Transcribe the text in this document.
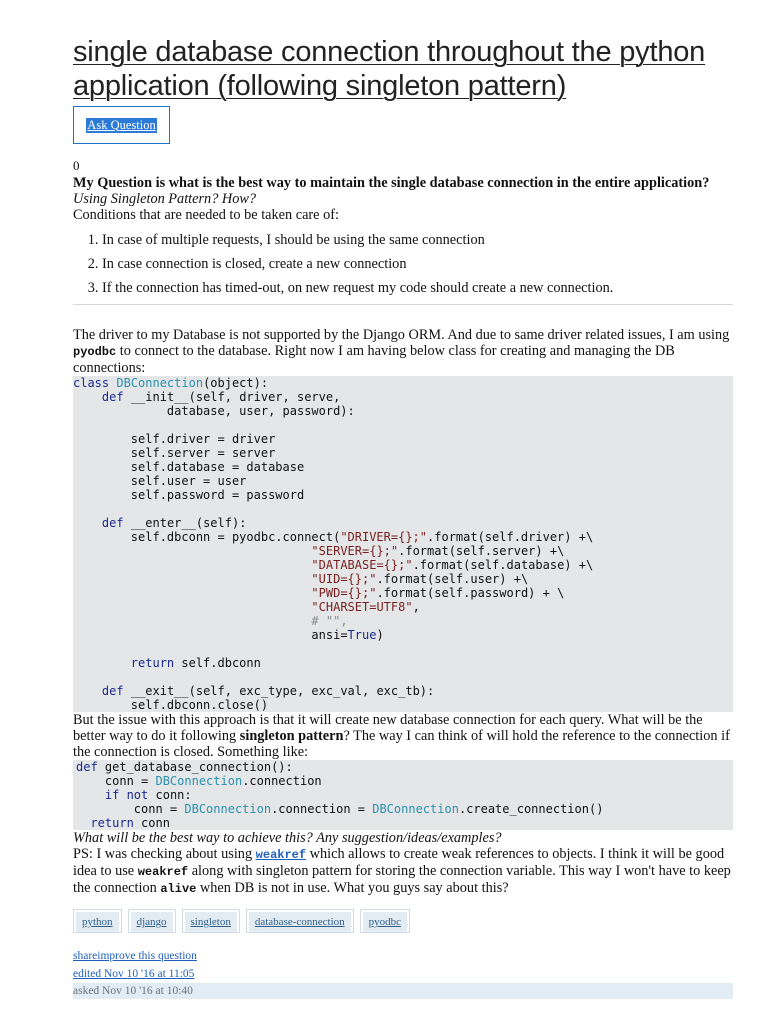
single database connection throughout the python application (following singleton pattern)
Ask Question
0

My Question is what is the best way to maintain the single database connection in the entire application? Using Singleton Pattern? How?

Conditions that are needed to be taken care of:

1. In case of multiple requests, I should be using the same connection
2. In case connection is closed, create a new connection
3. If the connection has timed-out, on new request my code should create a new connection.

The driver to my Database is not supported by the Django ORM. And due to same driver related issues, I am using pyodbc to connect to the database. Right now I am having below class for creating and managing the DB connections:

class DBConnection(object):
def __init__(self, driver, serve,
database, user, password):

self.driver = driver
self.server = server
self.database = database
self.user = user
self.password = password

def __enter__(self):
self.dbconn = pyodbc.connect("DRIVER={};".format(self.driver) +\
"SERVER={};".format(self.server) +\
"DATABASE={};".format(self.database) +\
"UID={};".format(self.user) +\
"PWD={};".format(self.password) + \
"CHARSET=UTF8",
# "",
ansi=True)

return self.dbconn

def __exit__(self, exc_type, exc_val, exc_tb):
self.dbconn.close()

But the issue with this approach is that it will create new database connection for each query. What will be the better way to do it following singleton pattern? The way I can think of will hold the reference to the connection if the connection is closed. Something like:

def get_database_connection():
conn = DBConnection.connection
if not conn:
conn = DBConnection.connection = DBConnection.create_connection()
return conn

What will be the best way to achieve this? Any suggestion/ideas/examples?

PS: I was checking about using weakref which allows to create weak references to objects. I think it will be good idea to use weakref along with singleton pattern for storing the connection variable. This way I won't have to keep the connection alive when DB is not in use. What you guys say about this?

python	django	singleton	database-connection	pyodbc
shareimprove this question
edited Nov 10 '16 at 11:05
asked Nov 10 '16 at 10:40
